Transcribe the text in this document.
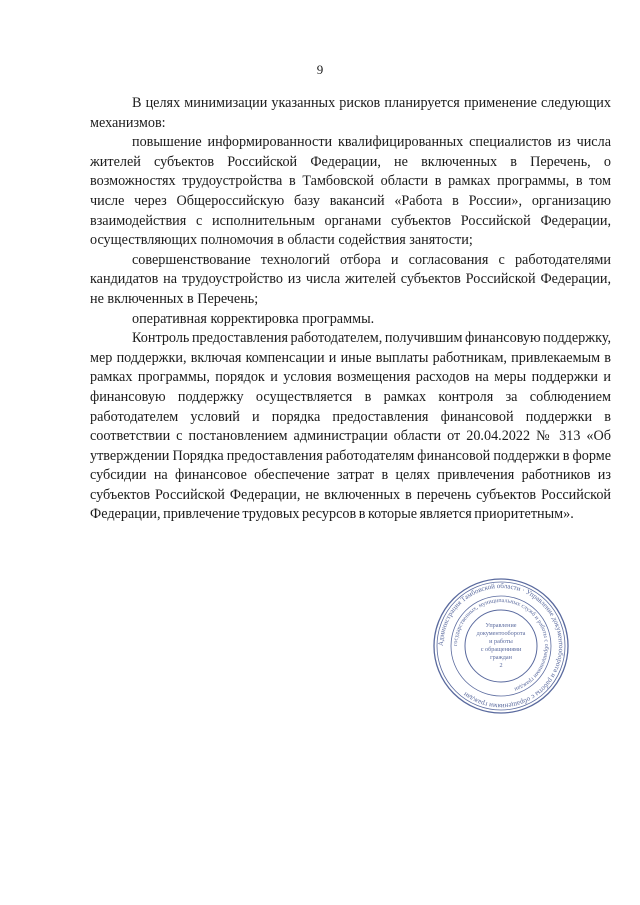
9

В целях минимизации указанных рисков планируется применение следующих механизмов:

повышение информированности квалифицированных специалистов из числа жителей субъектов Российской Федерации, не включенных в Перечень, о возможностях трудоустройства в Тамбовской области в рамках программы, в том числе через Общероссийскую базу вакансий «Работа в России», организацию взаимодействия с исполнительным органами субъектов Российской Федерации, осуществляющих полномочия в области содействия занятости;

совершенствование технологий отбора и согласования с работодателями кандидатов на трудоустройство из числа жителей субъектов Российской Федерации, не включенных в Перечень;

оперативная корректировка программы.

Контроль предоставления работодателем, получившим финансовую поддержку, мер поддержки, включая компенсации и иные выплаты работникам, привлекаемым в рамках программы, порядок и условия возмещения расходов на меры поддержки и финансовую поддержку осуществляется в рамках контроля за соблюдением работодателем условий и порядка предоставления финансовой поддержки в соответствии с постановлением администрации области от 20.04.2022 № 313 «Об утверждении Порядка предоставления работодателям финансовой поддержки в форме субсидии на финансовое обеспечение затрат в целях привлечения работников из субъектов Российской Федерации, не включенных в перечень субъектов Российской Федерации, привлечение трудовых ресурсов в которые является приоритетным».

Администрация Тамбовской области · Управление документооборота и работы с обращениями граждан
государственных, муниципальных служб и работы с обращениями граждан
Управление
документооборота
и работы
с обращениями
граждан
2
